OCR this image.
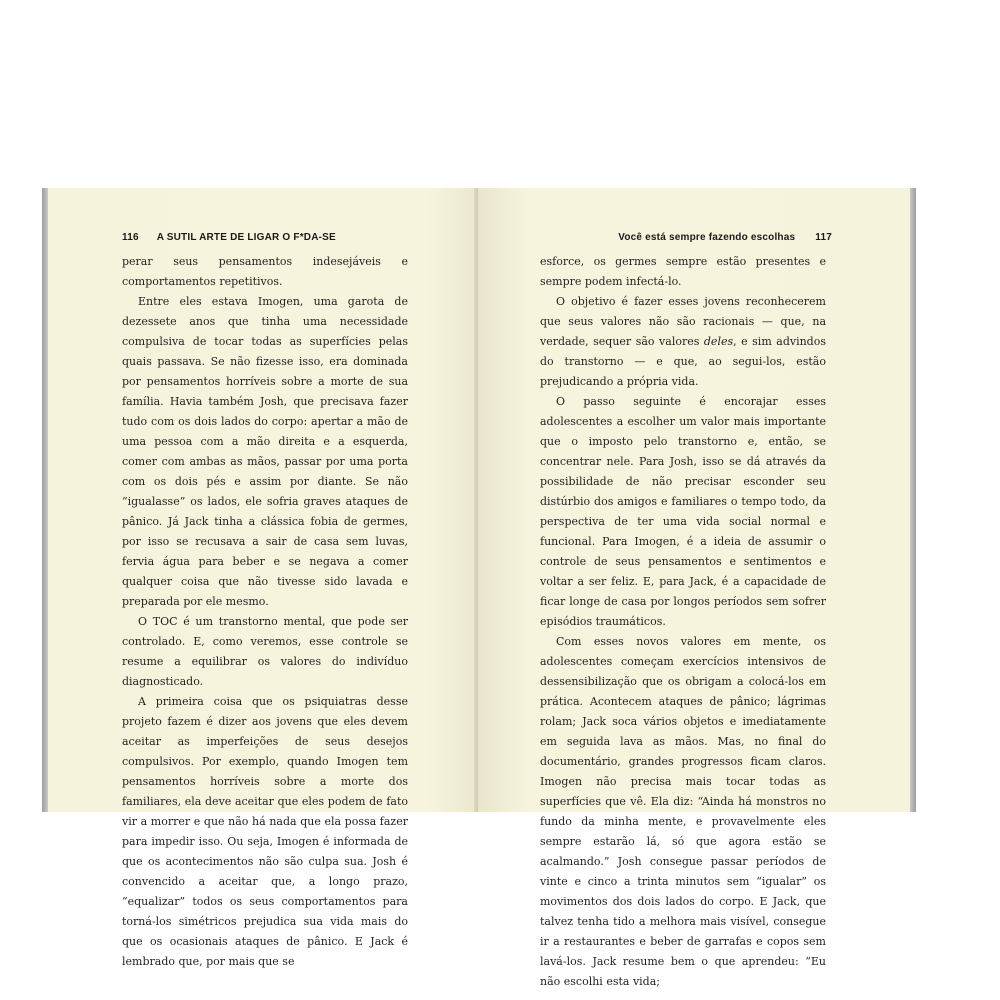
116 A SUTIL ARTE DE LIGAR O F*DA-SE

perar seus pensamentos indesejáveis e comportamentos repetitivos.

Entre eles estava Imogen, uma garota de dezessete anos que tinha uma necessidade compulsiva de tocar todas as superfícies pelas quais passava. Se não fizesse isso, era dominada por pensamentos horríveis sobre a morte de sua família. Havia também Josh, que precisava fazer tudo com os dois lados do corpo: apertar a mão de uma pessoa com a mão direita e a esquerda, comer com ambas as mãos, passar por uma porta com os dois pés e assim por diante. Se não “igualasse” os lados, ele sofria graves ataques de pânico. Já Jack tinha a clássica fobia de germes, por isso se recusava a sair de casa sem luvas, fervia água para beber e se negava a comer qualquer coisa que não tivesse sido lavada e preparada por ele mesmo.

O TOC é um transtorno mental, que pode ser controlado. E, como veremos, esse controle se resume a equilibrar os valores do indivíduo diagnosticado.

A primeira coisa que os psiquiatras desse projeto fazem é dizer aos jovens que eles devem aceitar as imperfeições de seus desejos compulsivos. Por exemplo, quando Imogen tem pensamentos horríveis sobre a morte dos familiares, ela deve aceitar que eles podem de fato vir a morrer e que não há nada que ela possa fazer para impedir isso. Ou seja, Imogen é informada de que os acontecimentos não são culpa sua. Josh é convencido a aceitar que, a longo prazo, “equalizar” todos os seus comportamentos para torná-los simétricos prejudica sua vida mais do que os ocasionais ataques de pânico. E Jack é lembrado que, por mais que se

Você está sempre fazendo escolhas 117

esforce, os germes sempre estão presentes e sempre podem infectá-lo.

O objetivo é fazer esses jovens reconhecerem que seus valores não são racionais — que, na verdade, sequer são valores deles, e sim advindos do transtorno — e que, ao segui-los, estão prejudicando a própria vida.

O passo seguinte é encorajar esses adolescentes a escolher um valor mais importante que o imposto pelo transtorno e, então, se concentrar nele. Para Josh, isso se dá através da possibilidade de não precisar esconder seu distúrbio dos amigos e familiares o tempo todo, da perspectiva de ter uma vida social normal e funcional. Para Imogen, é a ideia de assumir o controle de seus pensamentos e sentimentos e voltar a ser feliz. E, para Jack, é a capacidade de ficar longe de casa por longos períodos sem sofrer episódios traumáticos.

Com esses novos valores em mente, os adolescentes começam exercícios intensivos de dessensibilização que os obrigam a colocá-los em prática. Acontecem ataques de pânico; lágrimas rolam; Jack soca vários objetos e imediatamente em seguida lava as mãos. Mas, no final do documentário, grandes progressos ficam claros. Imogen não precisa mais tocar todas as superfícies que vê. Ela diz: “Ainda há monstros no fundo da minha mente, e provavelmente eles sempre estarão lá, só que agora estão se acalmando.” Josh consegue passar períodos de vinte e cinco a trinta minutos sem “igualar” os movimentos dos dois lados do corpo. E Jack, que talvez tenha tido a melhora mais visível, consegue ir a restaurantes e beber de garrafas e copos sem lavá-los. Jack resume bem o que aprendeu: “Eu não escolhi esta vida;
